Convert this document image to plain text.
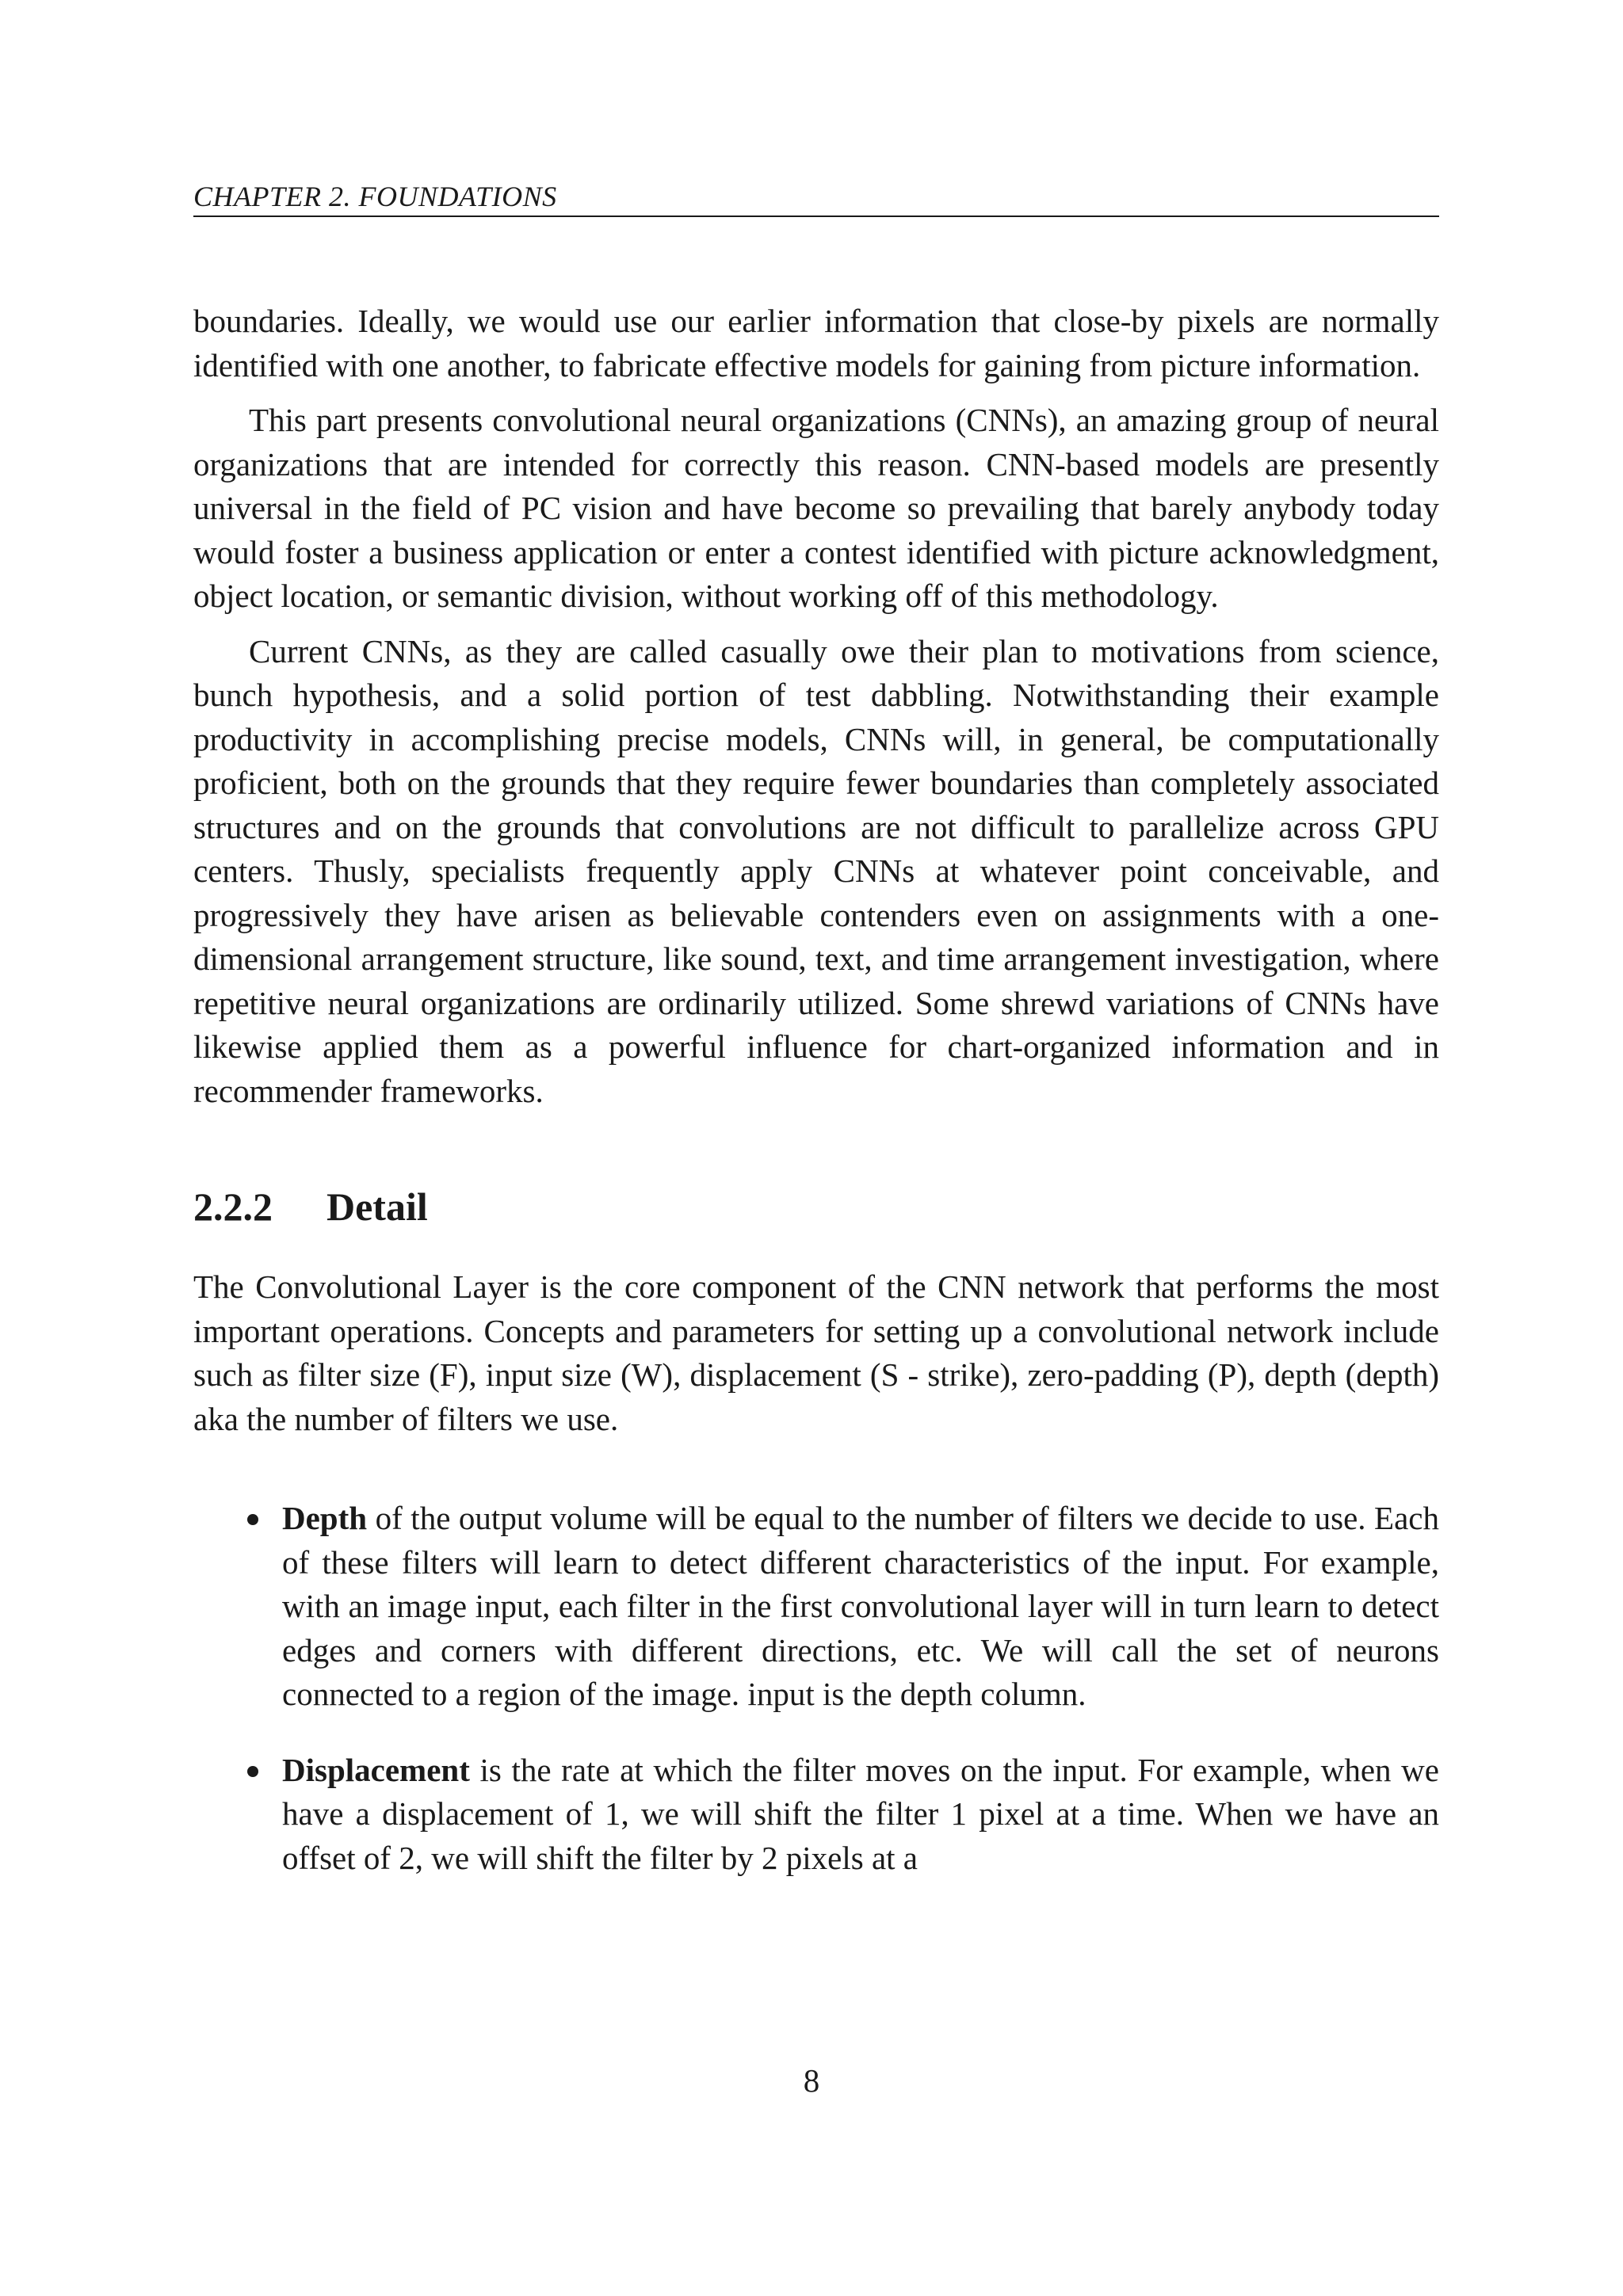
CHAPTER 2. FOUNDATIONS

boundaries. Ideally, we would use our earlier information that close-by pixels are normally identified with one another, to fabricate effective models for gaining from picture information.

This part presents convolutional neural organizations (CNNs), an amazing group of neural organizations that are intended for correctly this reason. CNN-based models are presently universal in the field of PC vision and have become so prevailing that barely anybody today would foster a business application or enter a contest identified with picture acknowledgment, object location, or semantic division, without working off of this methodology.

Current CNNs, as they are called casually owe their plan to motivations from science, bunch hypothesis, and a solid portion of test dabbling. Notwithstanding their example productivity in accomplishing precise models, CNNs will, in general, be computationally proficient, both on the grounds that they require fewer boundaries than completely associated structures and on the grounds that convolutions are not difficult to parallelize across GPU centers. Thusly, specialists frequently apply CNNs at whatever point conceivable, and progressively they have arisen as believable contenders even on assignments with a one-dimensional arrangement structure, like sound, text, and time arrangement investigation, where repetitive neural organizations are ordinarily utilized. Some shrewd variations of CNNs have likewise applied them as a powerful influence for chart-organized information and in recommender frameworks.

2.2.2 Detail

The Convolutional Layer is the core component of the CNN network that performs the most important operations. Concepts and parameters for setting up a convolutional network include such as filter size (F), input size (W), displacement (S - strike), zero-padding (P), depth (depth) aka the number of filters we use.

Depth of the output volume will be equal to the number of filters we decide to use. Each of these filters will learn to detect different characteristics of the input. For example, with an image input, each filter in the first convolutional layer will in turn learn to detect edges and corners with different directions, etc. We will call the set of neurons connected to a region of the image. input is the depth column.
Displacement is the rate at which the filter moves on the input. For example, when we have a displacement of 1, we will shift the filter 1 pixel at a time. When we have an offset of 2, we will shift the filter by 2 pixels at a
8
